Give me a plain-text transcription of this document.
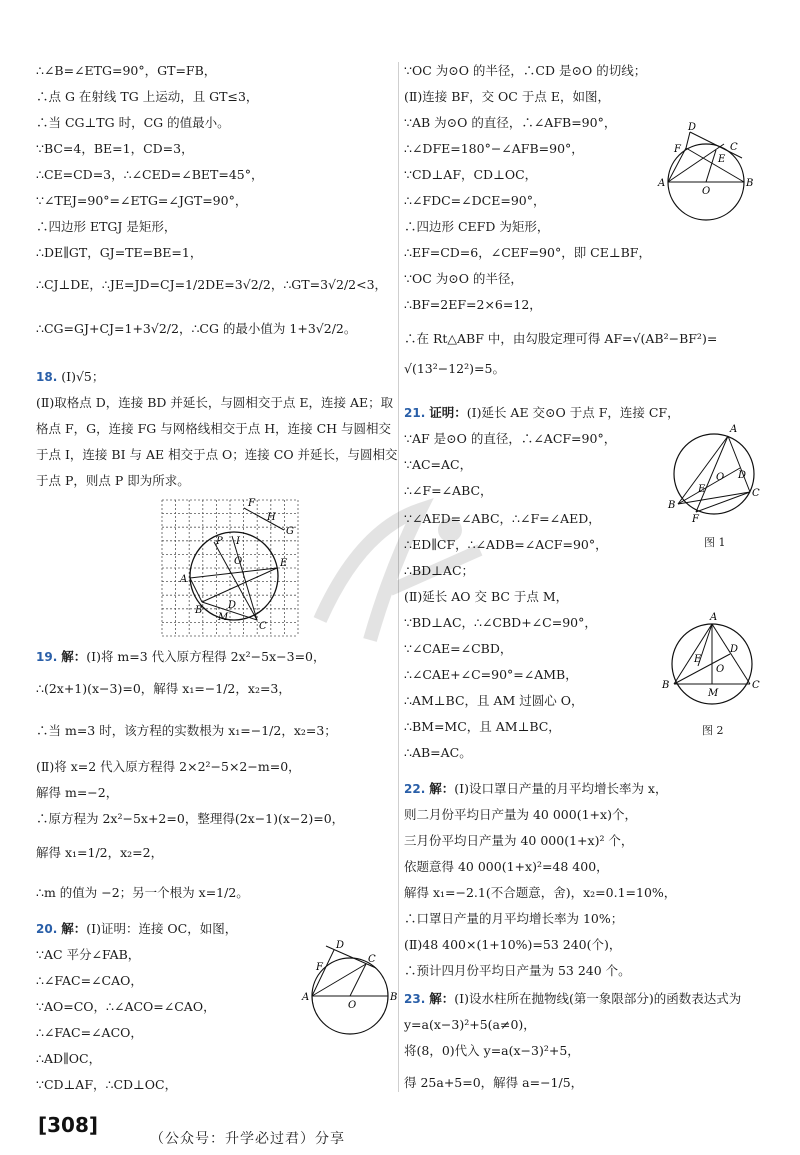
∴∠B=∠ETG=90°，GT=FB，
∴点 G 在射线 TG 上运动，且 GT≤3，
∴当 CG⊥TG 时，CG 的值最小。
∵BC=4，BE=1，CD=3，
∴CE=CD=3，∴∠CED=∠BET=45°，
∵∠TEJ=90°=∠ETG=∠JGT=90°，
∴四边形 ETGJ 是矩形，
∴DE∥GT，GJ=TE=BE=1，
∴CJ⊥DE，∴JE=JD=CJ=1/2DE=3√2/2，∴GT=3√2/2<3，
∴CG=GJ+CJ=1+3√2/2，∴CG 的最小值为 1+3√2/2。
18. (Ⅰ)√5；
(Ⅱ)取格点 D，连接 BD 并延长，与圆相交于点 E，连接 AE；取
格点 F，G，连接 FG 与网格线相交于点 H，连接 CH 与圆相交
于点 I，连接 BI 与 AE 相交于点 O；连接 CO 并延长，与圆相交
于点 P，则点 P 即为所求。
A
B
C
E
F
G
H
P I
O
D
M
19. 解：(Ⅰ)将 m=3 代入原方程得 2x²−5x−3=0，
∴(2x+1)(x−3)=0，解得 x₁=−1/2，x₂=3，
∴当 m=3 时，该方程的实数根为 x₁=−1/2，x₂=3；
(Ⅱ)将 x=2 代入原方程得 2×2²−5×2−m=0，
解得 m=−2，
∴原方程为 2x²−5x+2=0，整理得(2x−1)(x−2)=0，
解得 x₁=1/2，x₂=2，
∴m 的值为 −2；另一个根为 x=1/2。
20. 解：(Ⅰ)证明：连接 OC，如图，
∵AC 平分∠FAB，
∴∠FAC=∠CAO，
∵AO=CO，∴∠ACO=∠CAO，
∴∠FAC=∠ACO，
∴AD∥OC，
∵CD⊥AF，∴CD⊥OC，
A	B
C
D
F
O
∵OC 为⊙O 的半径，∴CD 是⊙O 的切线；
(Ⅱ)连接 BF，交 OC 于点 E，如图，
∵AB 为⊙O 的直径，∴∠AFB=90°，
∴∠DFE=180°−∠AFB=90°，
∵CD⊥AF，CD⊥OC，
∴∠FDC=∠DCE=90°，
∴四边形 CEFD 为矩形，
∴EF=CD=6，∠CEF=90°，即 CE⊥BF，
∵OC 为⊙O 的半径，
∴BF=2EF=2×6=12，
∴在 Rt△ABF 中，由勾股定理可得 AF=√(AB²−BF²)=
√(13²−12²)=5。
A	B
C
D
E
F
O
21. 证明：(Ⅰ)延长 AE 交⊙O 于点 F，连接 CF，
∵AF 是⊙O 的直径，∴∠ACF=90°，
∵AC=AC，
∴∠F=∠ABC，
∵∠AED=∠ABC，∴∠F=∠AED，
∴ED∥CF，∴∠ADB=∠ACF=90°，
∴BD⊥AC；
(Ⅱ)延长 AO 交 BC 于点 M，
∵BD⊥AC，∴∠CBD+∠C=90°，
∵∠CAE=∠CBD，
∴∠CAE+∠C=90°=∠AMB，
∴AM⊥BC，且 AM 过圆心 O，
∴BM=MC，且 AM⊥BC，
∴AB=AC。
A
B
C
D
E
F
O
图 1
A
B	C
D
E
O
M
图 2
22. 解：(Ⅰ)设口罩日产量的月平均增长率为 x，
则二月份平均日产量为 40 000(1+x)个，
三月份平均日产量为 40 000(1+x)² 个，
依题意得 40 000(1+x)²=48 400，
解得 x₁=−2.1(不合题意，舍)，x₂=0.1=10%，
∴口罩日产量的月平均增长率为 10%；
(Ⅱ)48 400×(1+10%)=53 240(个)，
∴预计四月份平均日产量为 53 240 个。
23. 解：(Ⅰ)设水柱所在抛物线(第一象限部分)的函数表达式为
y=a(x−3)²+5(a≠0)，
将(8，0)代入 y=a(x−3)²+5，
得 25a+5=0，解得 a=−1/5，
[308]
（公众号：升学必过君）分享
